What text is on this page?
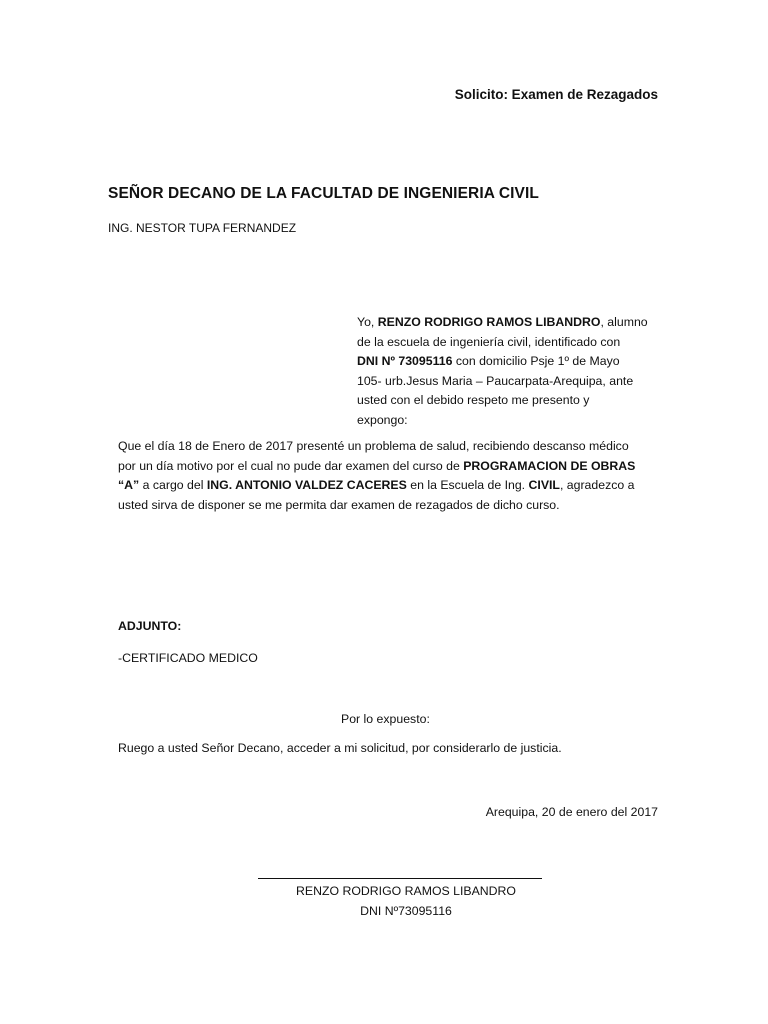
Solicito: Examen de Rezagados
SEÑOR DECANO DE LA FACULTAD DE INGENIERIA CIVIL
ING. NESTOR TUPA FERNANDEZ
Yo, RENZO RODRIGO RAMOS LIBANDRO, alumno
de la escuela de ingeniería civil, identificado con
DNI Nº 73095116 con domicilio Psje 1º de Mayo
105- urb.Jesus Maria – Paucarpata-Arequipa, ante
usted con el debido respeto me presento y
expongo:
Que el día 18 de Enero de 2017 presenté un problema de salud, recibiendo descanso médico
por un día motivo por el cual no pude dar examen del curso de PROGRAMACION DE OBRAS
“A” a cargo del ING. ANTONIO VALDEZ CACERES en la Escuela de Ing. CIVIL, agradezco a
usted sirva de disponer se me permita dar examen de rezagados de dicho curso.
ADJUNTO:
-CERTIFICADO MEDICO
Por lo expuesto:
Ruego a usted Señor Decano, acceder a mi solicitud, por considerarlo de justicia.
Arequipa, 20 de enero del 2017
RENZO RODRIGO RAMOS LIBANDRO
DNI Nº73095116
